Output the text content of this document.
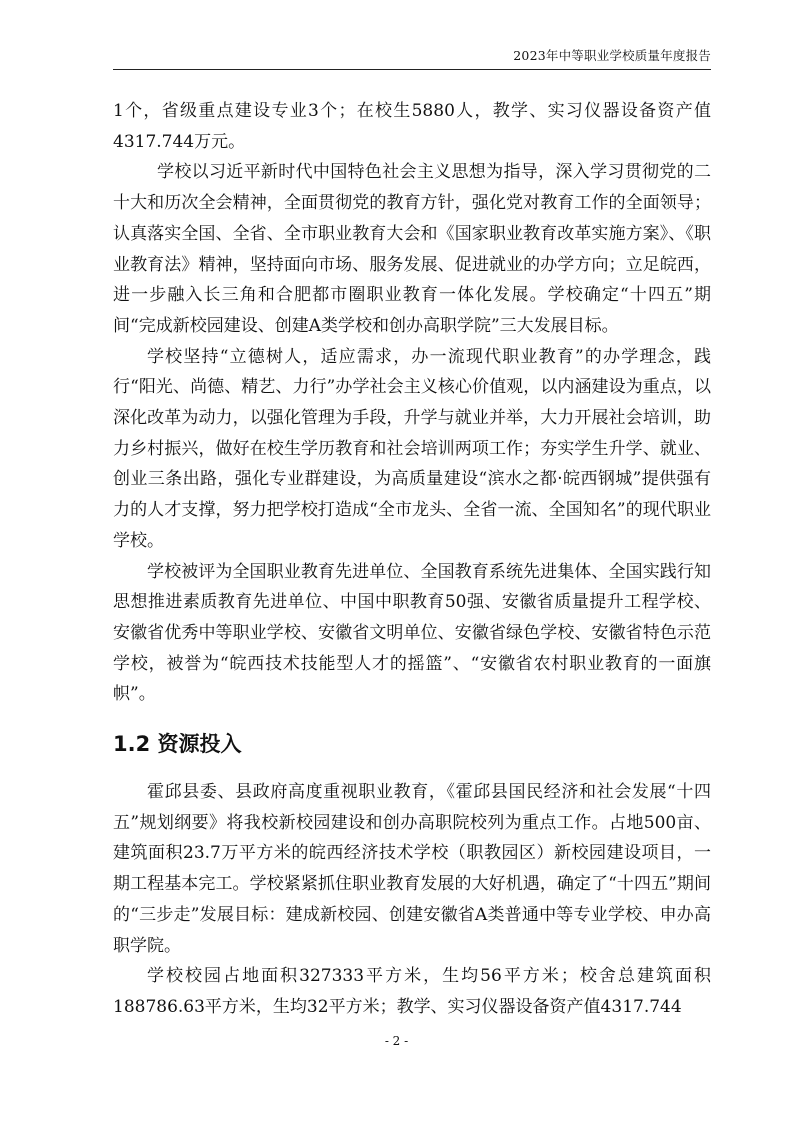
2023年中等职业学校质量年度报告

1个，省级重点建设专业3个；在校生5880人，教学、实习仪器设备资产值4317.744万元。

学校以习近平新时代中国特色社会主义思想为指导，深入学习贯彻党的二十大和历次全会精神，全面贯彻党的教育方针，强化党对教育工作的全面领导；认真落实全国、全省、全市职业教育大会和《国家职业教育改革实施方案》、《职业教育法》精神，坚持面向市场、服务发展、促进就业的办学方向；立足皖西，进一步融入长三角和合肥都市圈职业教育一体化发展。学校确定“十四五”期间“完成新校园建设、创建A类学校和创办高职学院”三大发展目标。

学校坚持“立德树人，适应需求，办一流现代职业教育”的办学理念，践行“阳光、尚德、精艺、力行”办学社会主义核心价值观，以内涵建设为重点，以深化改革为动力，以强化管理为手段，升学与就业并举，大力开展社会培训，助力乡村振兴，做好在校生学历教育和社会培训两项工作；夯实学生升学、就业、创业三条出路，强化专业群建设，为高质量建设“滨水之都·皖西钢城”提供强有力的人才支撑，努力把学校打造成“全市龙头、全省一流、全国知名”的现代职业学校。

学校被评为全国职业教育先进单位、全国教育系统先进集体、全国实践行知思想推进素质教育先进单位、中国中职教育50强、安徽省质量提升工程学校、安徽省优秀中等职业学校、安徽省文明单位、安徽省绿色学校、安徽省特色示范学校，被誉为“皖西技术技能型人才的摇篮”、“安徽省农村职业教育的一面旗帜”。

1.2 资源投入

霍邱县委、县政府高度重视职业教育，《霍邱县国民经济和社会发展“十四五”规划纲要》将我校新校园建设和创办高职院校列为重点工作。占地500亩、建筑面积23.7万平方米的皖西经济技术学校（职教园区）新校园建设项目，一期工程基本完工。学校紧紧抓住职业教育发展的大好机遇，确定了“十四五”期间的“三步走”发展目标：建成新校园、创建安徽省A类普通中等专业学校、申办高职学院。

学校校园占地面积327333平方米，生均56平方米；校舍总建筑面积188786.63平方米，生均32平方米；教学、实习仪器设备资产值4317.744

- 2 -
